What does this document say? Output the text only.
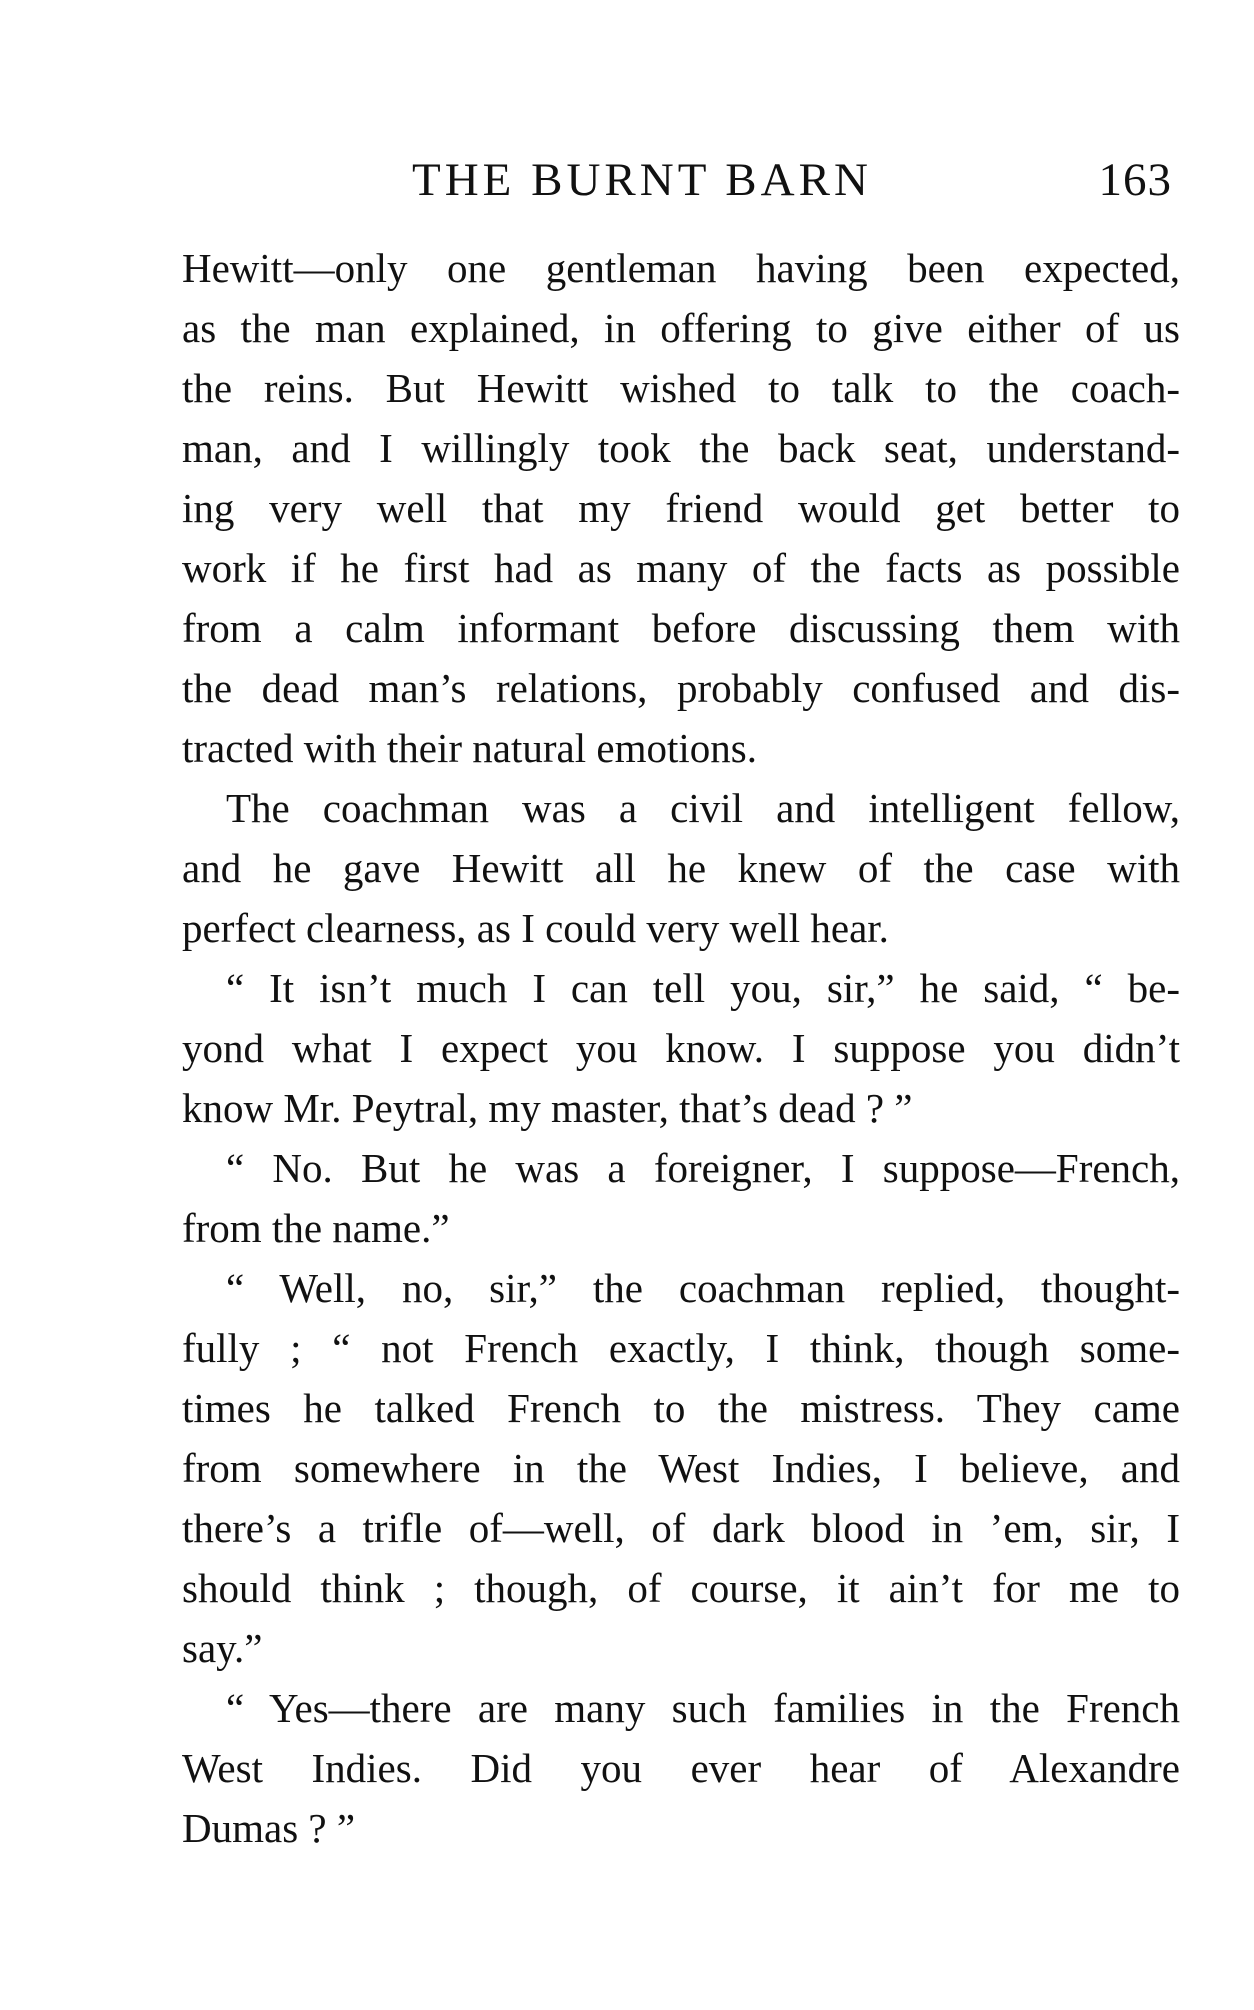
THE BURNT BARN	163
Hewitt—only one gentleman having been expected,
as the man explained, in offering to give either of us
the reins. But Hewitt wished to talk to the coach-
man, and I willingly took the back seat, understand-
ing very well that my friend would get better to
work if he first had as many of the facts as possible
from a calm informant before discussing them with
the dead man’s relations, probably confused and dis-
tracted with their natural emotions.
The coachman was a civil and intelligent fellow,
and he gave Hewitt all he knew of the case with
perfect clearness, as I could very well hear.
“ It isn’t much I can tell you, sir,” he said, “ be-
yond what I expect you know. I suppose you didn’t
know Mr. Peytral, my master, that’s dead ? ”
“ No. But he was a foreigner, I suppose—French,
from the name.”
“ Well, no, sir,” the coachman replied, thought-
fully ; “ not French exactly, I think, though some-
times he talked French to the mistress. They came
from somewhere in the West Indies, I believe, and
there’s a trifle of—well, of dark blood in ’em, sir, I
should think ; though, of course, it ain’t for me to
say.”
“ Yes—there are many such families in the French
West Indies. Did you ever hear of Alexandre
Dumas ? ”
